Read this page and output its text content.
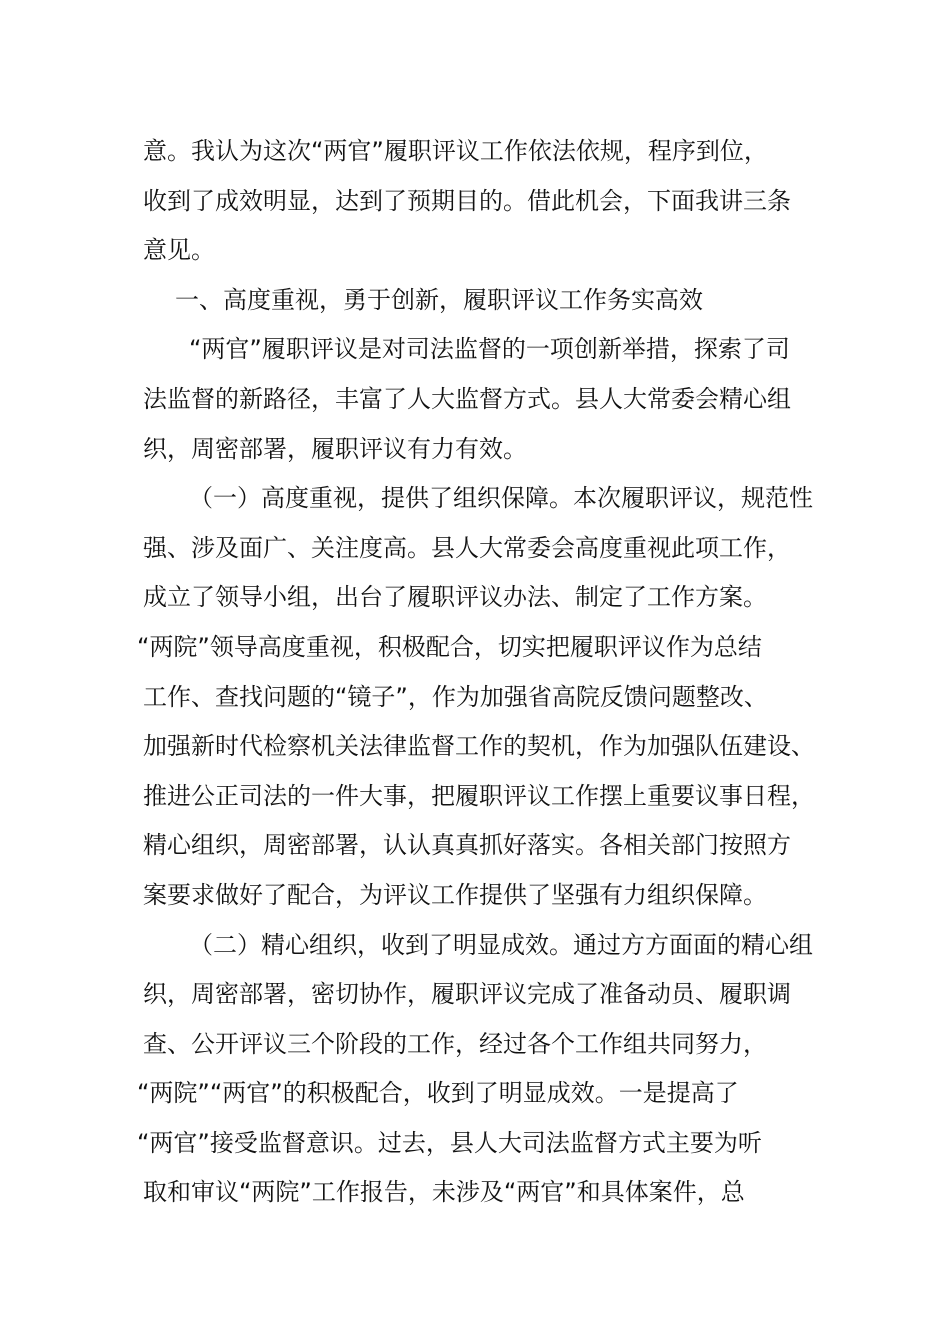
意。我认为这次“两官”履职评议工作依法依规，程序到位，
收到了成效明显，达到了预期目的。借此机会，下面我讲三条
意见。
一、高度重视，勇于创新，履职评议工作务实高效
“两官”履职评议是对司法监督的一项创新举措，探索了司
法监督的新路径，丰富了人大监督方式。县人大常委会精心组
织，周密部署，履职评议有力有效。
（一）高度重视，提供了组织保障。本次履职评议，规范性
强、涉及面广、关注度高。县人大常委会高度重视此项工作，
成立了领导小组，出台了履职评议办法、制定了工作方案。
“两院”领导高度重视，积极配合，切实把履职评议作为总结
工作、查找问题的“镜子”，作为加强省高院反馈问题整改、
加强新时代检察机关法律监督工作的契机，作为加强队伍建设、
推进公正司法的一件大事，把履职评议工作摆上重要议事日程，
精心组织，周密部署，认认真真抓好落实。各相关部门按照方
案要求做好了配合，为评议工作提供了坚强有力组织保障。
（二）精心组织，收到了明显成效。通过方方面面的精心组
织，周密部署，密切协作，履职评议完成了准备动员、履职调
查、公开评议三个阶段的工作，经过各个工作组共同努力，
“两院”“两官”的积极配合，收到了明显成效。一是提高了
“两官”接受监督意识。过去，县人大司法监督方式主要为听
取和审议“两院”工作报告，未涉及“两官”和具体案件，总
